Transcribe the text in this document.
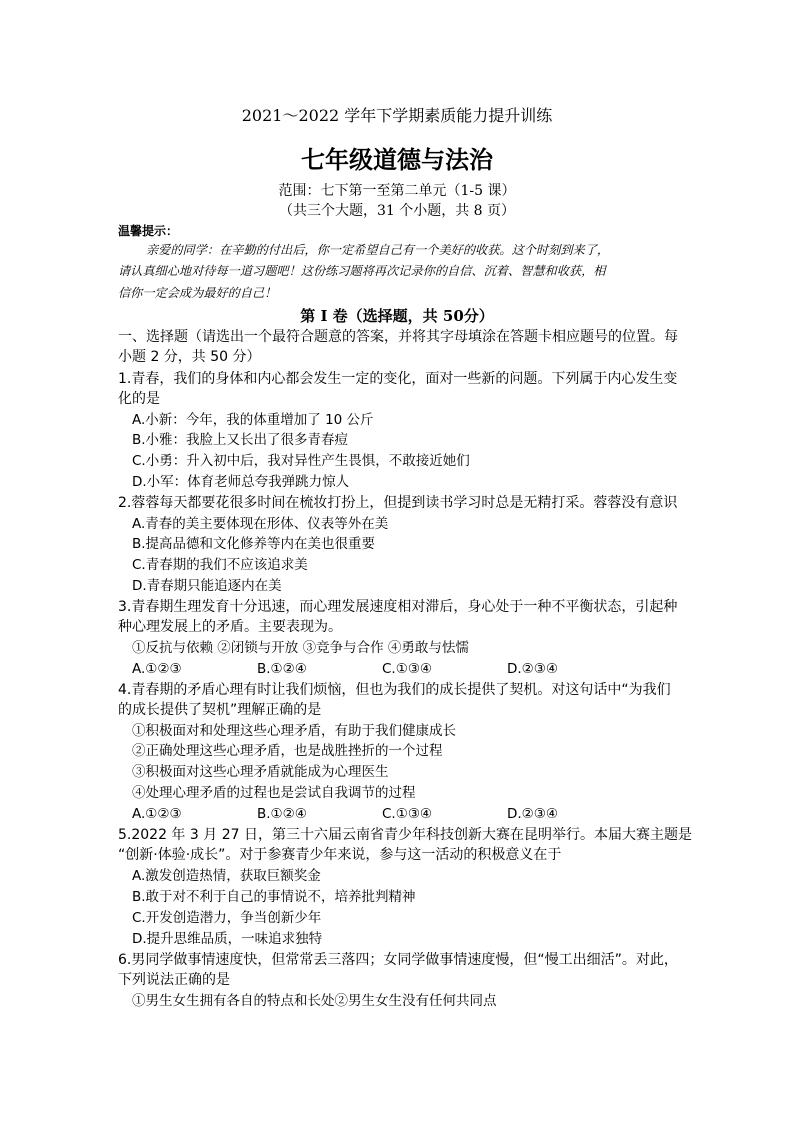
2021～2022 学年下学期素质能力提升训练
七年级道德与法治
范围：七下第一至第二单元（1-5 课）
（共三个大题，31 个小题，共 8 页）
温馨提示：
亲爱的同学：在辛勤的付出后，你一定希望自己有一个美好的收获。这个时刻到来了，
请认真细心地对待每一道习题吧！这份练习题将再次记录你的自信、沉着、智慧和收获，相
信你一定会成为最好的自己！
第 I 卷（选择题，共 50分）
一、选择题（请选出一个最符合题意的答案，并将其字母填涂在答题卡相应题号的位置。每
小题 2 分，共 50 分）
1.青春，我们的身体和内心都会发生一定的变化，面对一些新的问题。下列属于内心发生变
化的是
A.小新：今年，我的体重增加了 10 公斤
B.小雅：我脸上又长出了很多青春痘
C.小勇：升入初中后，我对异性产生畏惧，不敢接近她们
D.小军：体育老师总夸我弹跳力惊人
2.蓉蓉每天都要花很多时间在梳妆打扮上，但提到读书学习时总是无精打采。蓉蓉没有意识
A.青春的美主要体现在形体、仪表等外在美
B.提高品德和文化修养等内在美也很重要
C.青春期的我们不应该追求美
D.青春期只能追逐内在美
3.青春期生理发育十分迅速，而心理发展速度相对滞后，身心处于一种不平衡状态，引起种
种心理发展上的矛盾。主要表现为。
①反抗与依赖 ②闭锁与开放 ③竞争与合作 ④勇敢与怯懦
A.①②③	B.①②④	C.①③④	D.②③④
4.青春期的矛盾心理有时让我们烦恼，但也为我们的成长提供了契机。对这句话中“为我们
的成长提供了契机”理解正确的是
①积极面对和处理这些心理矛盾，有助于我们健康成长
②正确处理这些心理矛盾，也是战胜挫折的一个过程
③积极面对这些心理矛盾就能成为心理医生
④处理心理矛盾的过程也是尝试自我调节的过程
A.①②③	B.①②④	C.①③④	D.②③④
5.2022 年 3 月 27 日，第三十六届云南省青少年科技创新大赛在昆明举行。本届大赛主题是
“创新·体验·成长”。对于参赛青少年来说，参与这一活动的积极意义在于
A.激发创造热情，获取巨额奖金
B.敢于对不利于自己的事情说不，培养批判精神
C.开发创造潜力，争当创新少年
D.提升思维品质，一味追求独特
6.男同学做事情速度快，但常常丢三落四；女同学做事情速度慢，但“慢工出细活”。对此，
下列说法正确的是
①男生女生拥有各自的特点和长处②男生女生没有任何共同点
